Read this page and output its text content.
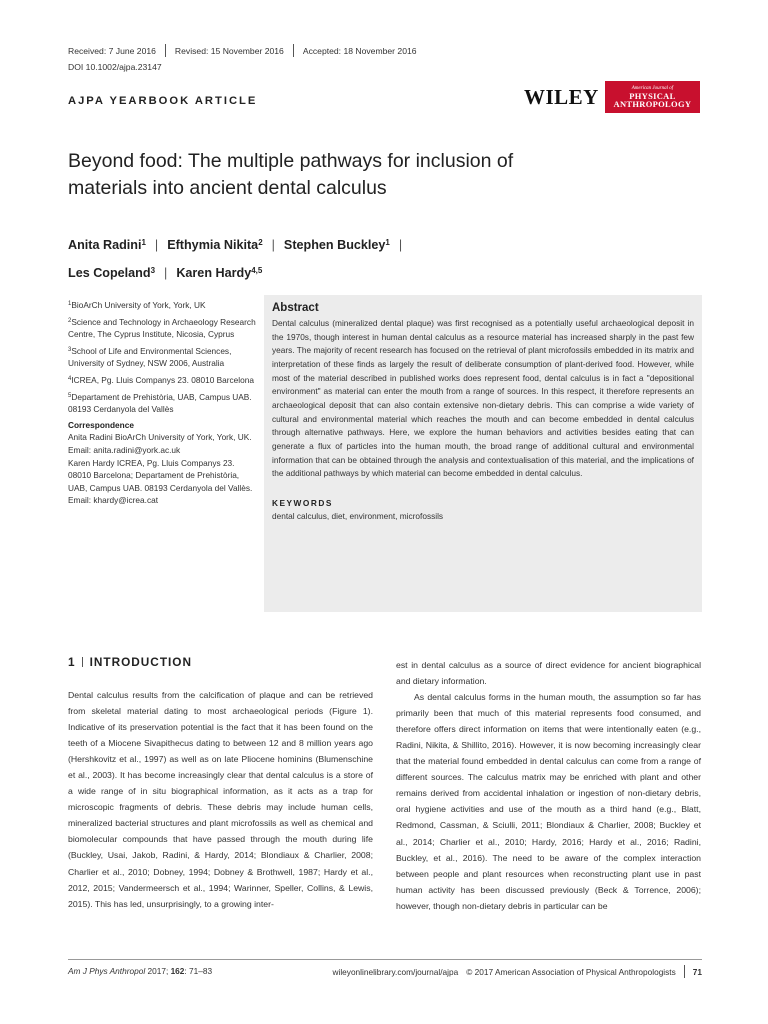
Received: 7 June 2016 Revised: 15 November 2016 Accepted: 18 November 2016
DOI 10.1002/ajpa.23147
AJPA YEARBOOK ARTICLE	WILEY	American Journal of
PHYSICAL
ANTHROPOLOGY
Beyond food: The multiple pathways for inclusion of materials into ancient dental calculus
Anita Radini$^1$ | Efthymia Nikita$^2$ | Stephen Buckley$^1$ |
Les Copeland$^3$ | Karen Hardy$^{4,5}$

$^1$BioArCh University of York, York, UK

$^2$Science and Technology in Archaeology Research Centre, The Cyprus Institute, Nicosia, Cyprus

$^3$School of Life and Environmental Sciences, University of Sydney, NSW 2006, Australia

$^4$ICREA, Pg. Lluis Companys 23. 08010 Barcelona

$^5$Departament de Prehistòria, UAB, Campus UAB. 08193 Cerdanyola del Vallès

Correspondence
Anita Radini BioArCh University of York, York, UK.
Email: anita.radini@york.ac.uk
Karen Hardy ICREA, Pg. Lluis Companys 23. 08010 Barcelona; Departament de Prehistòria, UAB, Campus UAB. 08193 Cerdanyola del Vallès.
Email: khardy@icrea.cat
Abstract
Dental calculus (mineralized dental plaque) was first recognised as a potentially useful archaeological deposit in the 1970s, though interest in human dental calculus as a resource material has increased sharply in the past few years. The majority of recent research has focused on the retrieval of plant microfossils embedded in its matrix and interpretation of these finds as largely the result of deliberate consumption of plant-derived food. However, while most of the material described in published works does represent food, dental calculus is in fact a "depositional environment" as material can enter the mouth from a range of sources. In this respect, it therefore represents an archaeological deposit that can also contain extensive non-dietary debris. This can comprise a wide variety of cultural and environmental material which reaches the mouth and can become embedded in dental calculus through alternative pathways. Here, we explore the human behaviors and activities besides eating that can generate a flux of particles into the human mouth, the broad range of additional cultural and environmental information that can be obtained through the analysis and contextualisation of this material, and the implications of the additional pathways by which material can become embedded in dental calculus.
KEYWORDS
dental calculus, diet, environment, microfossils
1 INTRODUCTION

Dental calculus results from the calcification of plaque and can be retrieved from skeletal material dating to most archaeological periods (Figure 1). Indicative of its preservation potential is the fact that it has been found on the teeth of a Miocene Sivapithecus dating to between 12 and 8 million years ago (Hershkovitz et al., 1997) as well as on late Pliocene hominins (Blumenschine et al., 2003). It has become increasingly clear that dental calculus is a store of a wide range of in situ biographical information, as it acts as a trap for microscopic fragments of debris. These debris may include human cells, mineralized bacterial structures and plant microfossils as well as chemical and biomolecular compounds that have passed through the mouth during life (Buckley, Usai, Jakob, Radini, & Hardy, 2014; Blondiaux & Charlier, 2008; Charlier et al., 2010; Dobney, 1994; Dobney & Brothwell, 1987; Hardy et al., 2012, 2015; Vandermeersch et al., 1994; Warinner, Speller, Collins, & Lewis, 2015). This has led, unsurprisingly, to a growing inter-

est in dental calculus as a source of direct evidence for ancient biographical and dietary information.

As dental calculus forms in the human mouth, the assumption so far has primarily been that much of this material represents food consumed, and therefore offers direct information on items that were intentionally eaten (e.g., Radini, Nikita, & Shillito, 2016). However, it is now becoming increasingly clear that the material found embedded in dental calculus can come from a range of different sources. The calculus matrix may be enriched with plant and other remains derived from accidental inhalation or ingestion of non-dietary debris, oral hygiene activities and use of the mouth as a third hand (e.g., Blatt, Redmond, Cassman, & Sciulli, 2011; Blondiaux & Charlier, 2008; Buckley et al., 2014; Charlier et al., 2010; Hardy, 2016; Hardy et al., 2016; Radini, Buckley, et al., 2016). The need to be aware of the complex interaction between people and plant resources when reconstructing plant use in past human activity has been discussed previously (Beck & Torrence, 2006); however, though non-dietary debris in particular can be

Am J Phys Anthropol 2017; 162: 71–83	wileyonlinelibrary.com/journal/ajpa © 2017 American Association of Physical Anthropologists 71
